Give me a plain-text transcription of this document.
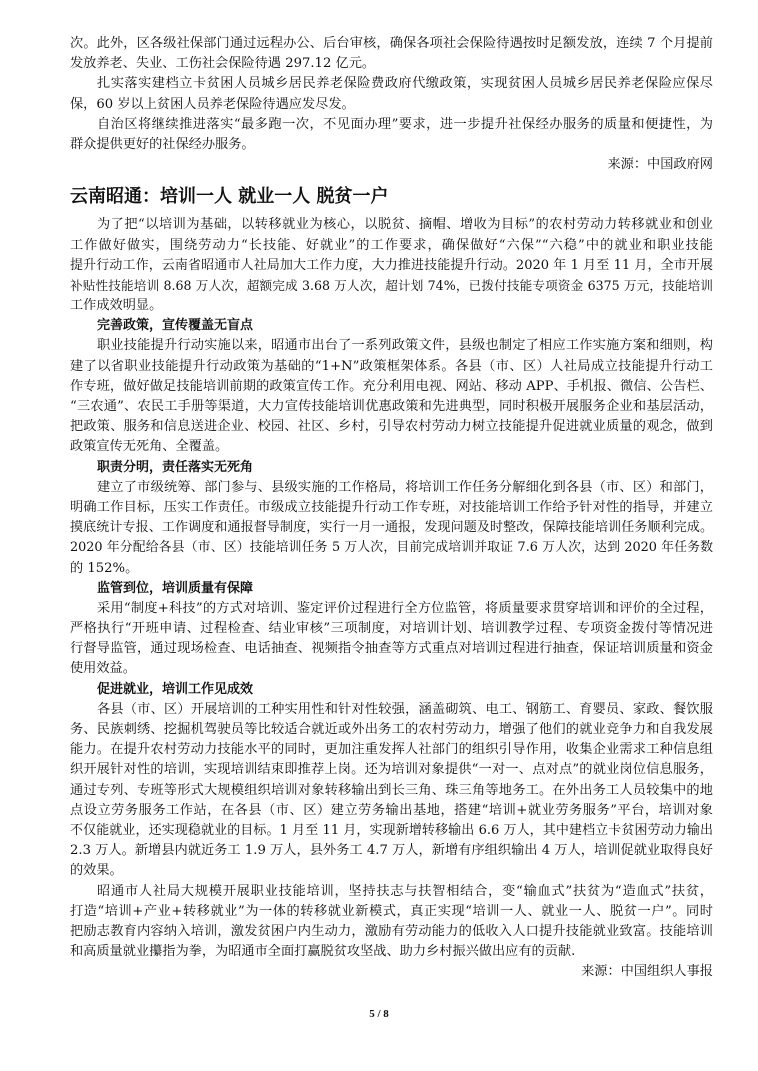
次。此外，区各级社保部门通过远程办公、后台审核，确保各项社会保险待遇按时足额发放，连续 7 个月提前
发放养老、失业、工伤社会保险待遇 297.12 亿元。
扎实落实建档立卡贫困人员城乡居民养老保险费政府代缴政策，实现贫困人员城乡居民养老保险应保尽
保，60 岁以上贫困人员养老保险待遇应发尽发。
自治区将继续推进落实“最多跑一次，不见面办理”要求，进一步提升社保经办服务的质量和便捷性，为
群众提供更好的社保经办服务。
来源：中国政府网
云南昭通：培训一人 就业一人 脱贫一户
为了把“以培训为基础，以转移就业为核心，以脱贫、摘帽、增收为目标”的农村劳动力转移就业和创业
工作做好做实，围绕劳动力“长技能、好就业”的工作要求，确保做好“六保”“六稳”中的就业和职业技能
提升行动工作，云南省昭通市人社局加大工作力度，大力推进技能提升行动。2020 年 1 月至 11 月，全市开展
补贴性技能培训 8.68 万人次，超额完成 3.68 万人次，超计划 74%，已拨付技能专项资金 6375 万元，技能培训
工作成效明显。
完善政策，宣传覆盖无盲点
职业技能提升行动实施以来，昭通市出台了一系列政策文件，县级也制定了相应工作实施方案和细则，构
建了以省职业技能提升行动政策为基础的“1+N”政策框架体系。各县（市、区）人社局成立技能提升行动工
作专班，做好做足技能培训前期的政策宣传工作。充分利用电视、网站、移动 APP、手机报、微信、公告栏、
“三农通”、农民工手册等渠道，大力宣传技能培训优惠政策和先进典型，同时积极开展服务企业和基层活动，
把政策、服务和信息送进企业、校园、社区、乡村，引导农村劳动力树立技能提升促进就业质量的观念，做到
政策宣传无死角、全覆盖。
职责分明，责任落实无死角
建立了市级统筹、部门参与、县级实施的工作格局，将培训工作任务分解细化到各县（市、区）和部门，
明确工作目标，压实工作责任。市级成立技能提升行动工作专班，对技能培训工作给予针对性的指导，并建立
摸底统计专报、工作调度和通报督导制度，实行一月一通报，发现问题及时整改，保障技能培训任务顺利完成。
2020 年分配给各县（市、区）技能培训任务 5 万人次，目前完成培训并取证 7.6 万人次，达到 2020 年任务数
的 152%。
监管到位，培训质量有保障
采用“制度+科技”的方式对培训、鉴定评价过程进行全方位监管，将质量要求贯穿培训和评价的全过程，
严格执行“开班申请、过程检查、结业审核”三项制度，对培训计划、培训教学过程、专项资金拨付等情况进
行督导监管，通过现场检查、电话抽查、视频指令抽查等方式重点对培训过程进行抽查，保证培训质量和资金
使用效益。
促进就业，培训工作见成效
各县（市、区）开展培训的工种实用性和针对性较强，涵盖砌筑、电工、钢筋工、育婴员、家政、餐饮服
务、民族刺绣、挖掘机驾驶员等比较适合就近或外出务工的农村劳动力，增强了他们的就业竞争力和自我发展
能力。在提升农村劳动力技能水平的同时，更加注重发挥人社部门的组织引导作用，收集企业需求工种信息组
织开展针对性的培训，实现培训结束即推荐上岗。还为培训对象提供“一对一、点对点”的就业岗位信息服务，
通过专列、专班等形式大规模组织培训对象转移输出到长三角、珠三角等地务工。在外出务工人员较集中的地
点设立劳务服务工作站，在各县（市、区）建立劳务输出基地，搭建“培训+就业劳务服务”平台，培训对象
不仅能就业，还实现稳就业的目标。1 月至 11 月，实现新增转移输出 6.6 万人，其中建档立卡贫困劳动力输出
2.3 万人。新增县内就近务工 1.9 万人，县外务工 4.7 万人，新增有序组织输出 4 万人，培训促就业取得良好
的效果。
昭通市人社局大规模开展职业技能培训，坚持扶志与扶智相结合，变“输血式”扶贫为“造血式”扶贫，
打造“培训+产业+转移就业”为一体的转移就业新模式，真正实现“培训一人、就业一人、脱贫一户”。同时
把励志教育内容纳入培训，激发贫困户内生动力，激励有劳动能力的低收入人口提升技能就业致富。技能培训
和高质量就业攥指为拳，为昭通市全面打赢脱贫攻坚战、助力乡村振兴做出应有的贡献.
来源：中国组织人事报
5 / 8
